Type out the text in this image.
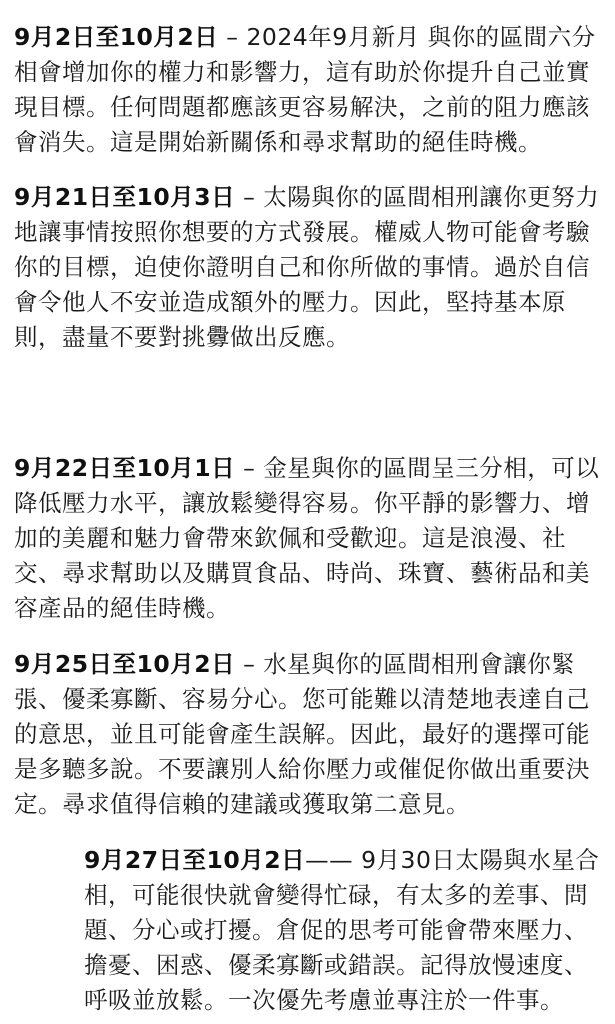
9月2日至10月2日 – 2024年9月新月 與你的區間六分相會增加你的權力和影響力，這有助於你提升自己並實現目標。任何問題都應該更容易解決，之前的阻力應該會消失。這是開始新關係和尋求幫助的絕佳時機。

9月21日至10月3日 – 太陽與你的區間相刑讓你更努力地讓事情按照你想要的方式發展。權威人物可能會考驗你的目標，迫使你證明自己和你所做的事情。過於自信會令他人不安並造成額外的壓力。因此，堅持基本原則，盡量不要對挑釁做出反應。

9月22日至10月1日 – 金星與你的區間呈三分相，可以降低壓力水平，讓放鬆變得容易。你平靜的影響力、增加的美麗和魅力會帶來欽佩和受歡迎。這是浪漫、社交、尋求幫助以及購買食品、時尚、珠寶、藝術品和美容產品的絕佳時機。

9月25日至10月2日 – 水星與你的區間相刑會讓你緊張、優柔寡斷、容易分心。您可能難以清楚地表達自己的意思，並且可能會產生誤解。因此，最好的選擇可能是多聽多說。不要讓別人給你壓力或催促你做出重要決定。尋求值得信賴的建議或獲取第二意見。

9月27日至10月2日—— 9月30日太陽與水星合相，可能很快就會變得忙碌，有太多的差事、問題、分心或打擾。倉促的思考可能會帶來壓力、擔憂、困惑、優柔寡斷或錯誤。記得放慢速度、呼吸並放鬆。一次優先考慮並專注於一件事。
